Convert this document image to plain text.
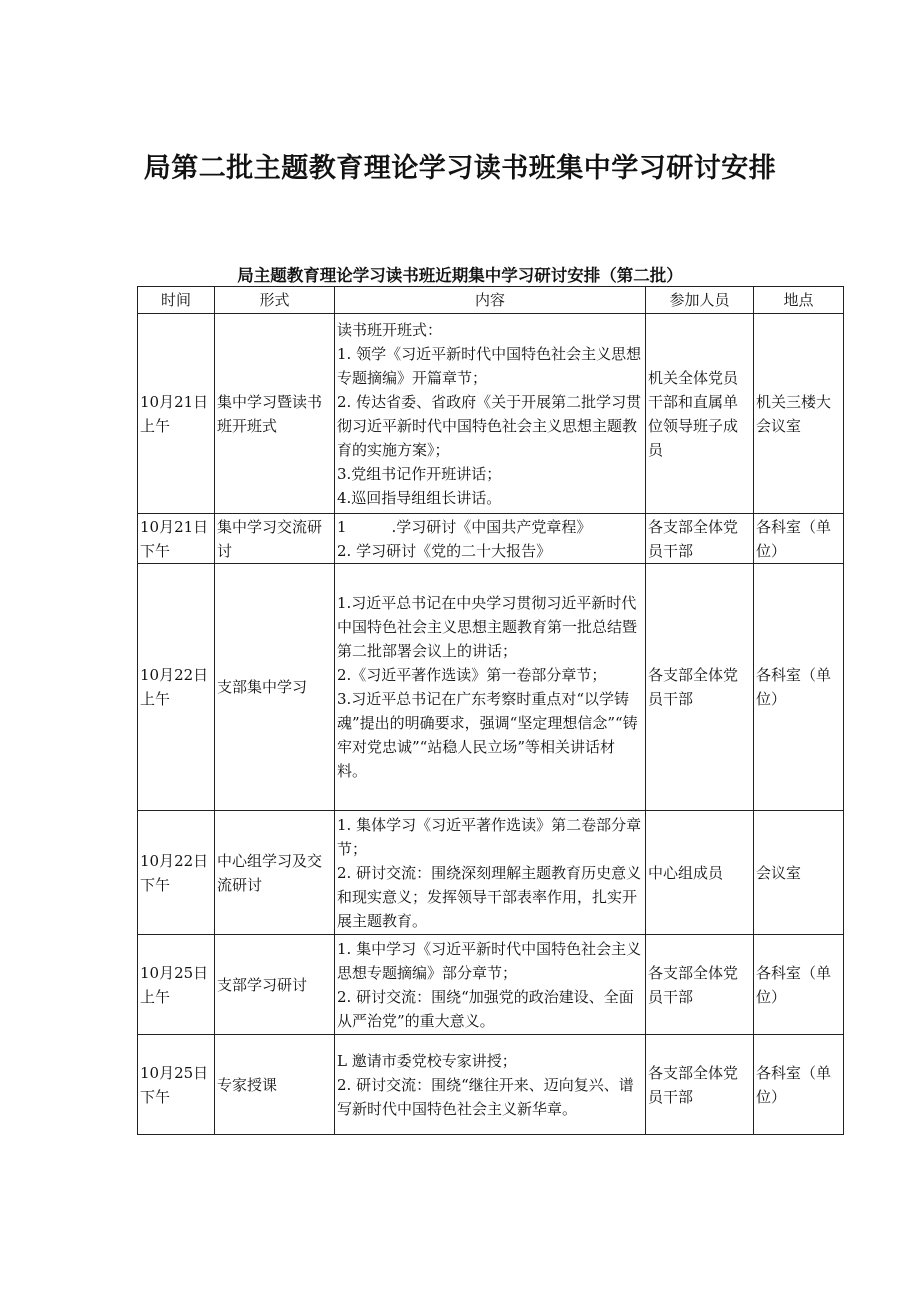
局第二批主题教育理论学习读书班集中学习研讨安排
局主题教育理论学习读书班近期集中学习研讨安排（第二批）
时间	形式	内容	参加人员	地点
10月21日上午	集中学习暨读书班开班式	读书班开班式：
1. 领学《习近平新时代中国特色社会主义思想专题摘编》开篇章节；
2. 传达省委、省政府《关于开展第二批学习贯彻习近平新时代中国特色社会主义思想主题教育的实施方案》；
3.党组书记作开班讲话；
4.巡回指导组组长讲话。	机关全体党员干部和直属单位领导班子成员	机关三楼大会议室
10月21日下午	集中学习交流研讨	1　　　.学习研讨《中国共产党章程》
2. 学习研讨《党的二十大报告》	各支部全体党员干部	各科室（单位）
10月22日上午	支部集中学习	1.习近平总书记在中央学习贯彻习近平新时代中国特色社会主义思想主题教育第一批总结暨第二批部署会议上的讲话；
2.《习近平著作选读》第一卷部分章节；
3.习近平总书记在广东考察时重点对“以学铸魂”提出的明确要求，强调“坚定理想信念”“铸牢对党忠诚”“站稳人民立场”等相关讲话材料。	各支部全体党员干部	各科室（单位）
10月22日下午	中心组学习及交流研讨	1. 集体学习《习近平著作选读》第二卷部分章节；
2. 研讨交流：围绕深刻理解主题教育历史意义和现实意义；发挥领导干部表率作用，扎实开展主题教育。	中心组成员	会议室
10月25日上午	支部学习研讨	1. 集中学习《习近平新时代中国特色社会主义思想专题摘编》部分章节；
2. 研讨交流：围绕“加强党的政治建设、全面从严治党”的重大意义。	各支部全体党员干部	各科室（单位）
10月25日下午	专家授课	L 邀请市委党校专家讲授；
2. 研讨交流：围绕“继往开来、迈向复兴、谱写新时代中国特色社会主义新华章。	各支部全体党员干部	各科室（单位）
